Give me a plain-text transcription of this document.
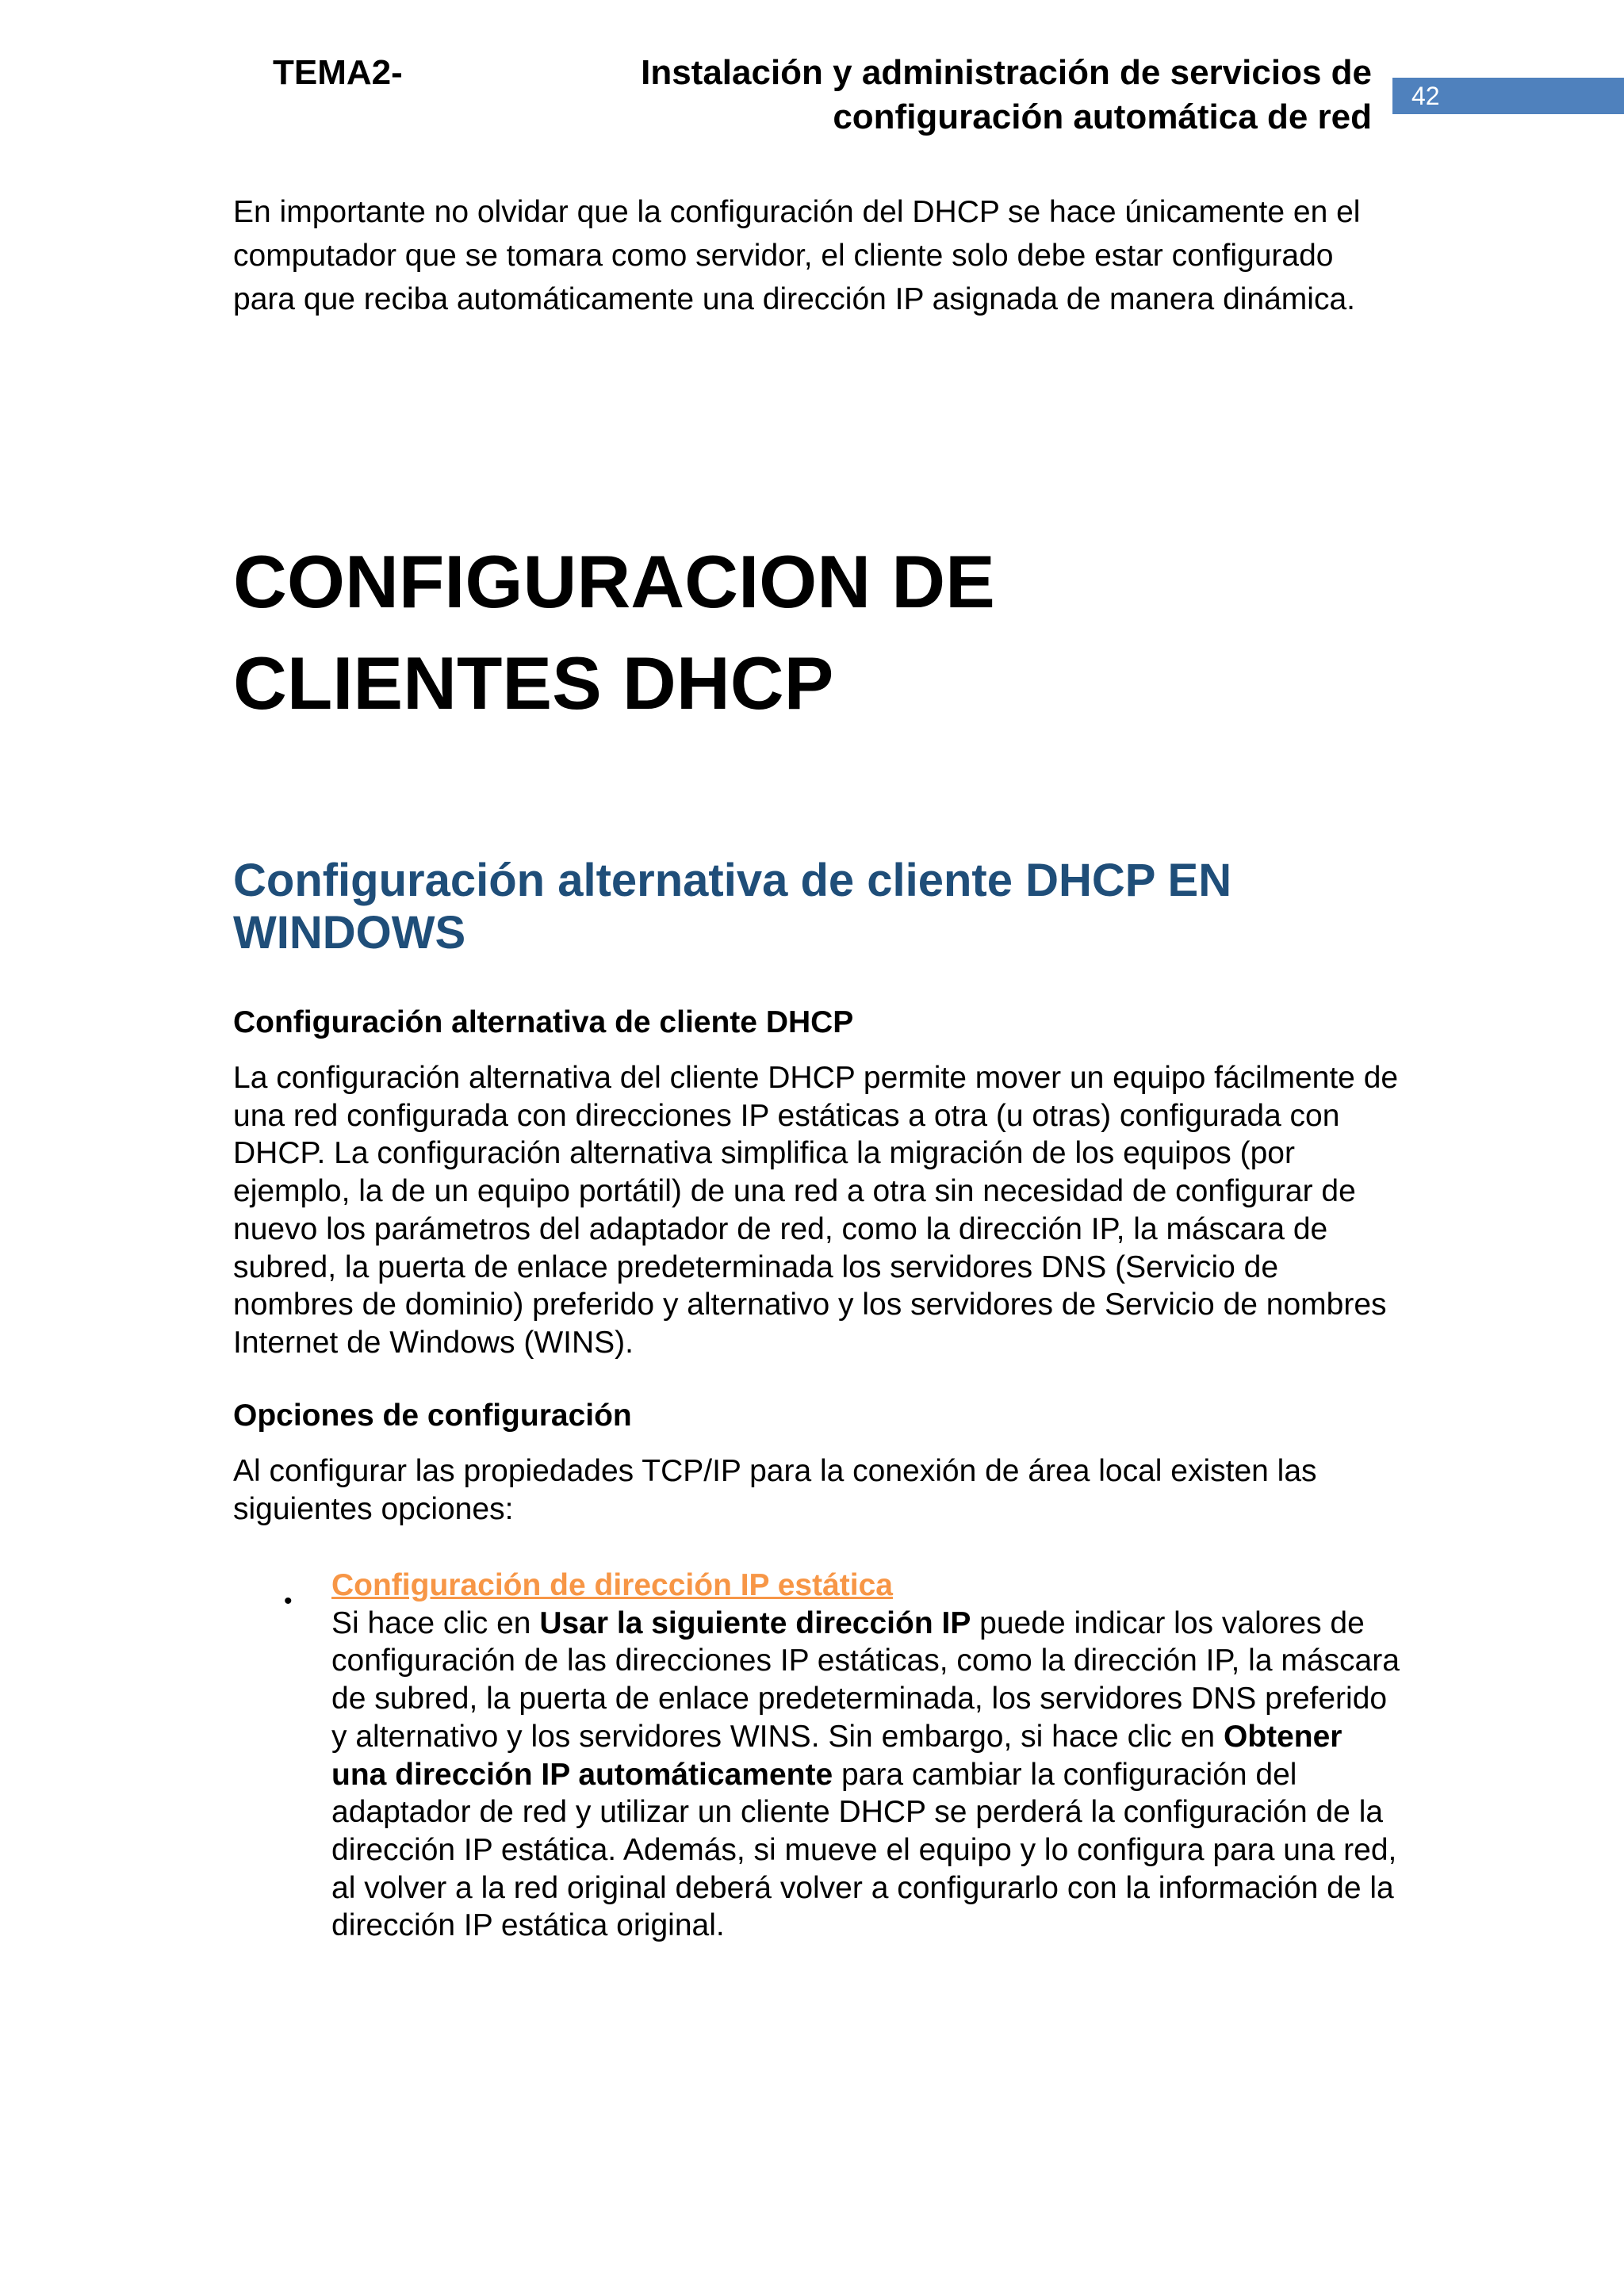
TEMA2-	Instalación y administración de servicios de
configuración automática de red
42
En importante no olvidar que la configuración del DHCP se hace únicamente en el computador que se tomara como servidor, el cliente solo debe estar configurado para que reciba automáticamente una dirección IP asignada de manera dinámica.
CONFIGURACION DE
CLIENTES DHCP
Configuración alternativa de cliente DHCP EN WINDOWS
Configuración alternativa de cliente DHCP
La configuración alternativa del cliente DHCP permite mover un equipo fácilmente de una red configurada con direcciones IP estáticas a otra (u otras) configurada con DHCP. La configuración alternativa simplifica la migración de los equipos (por ejemplo, la de un equipo portátil) de una red a otra sin necesidad de configurar de nuevo los parámetros del adaptador de red, como la dirección IP, la máscara de subred, la puerta de enlace predeterminada los servidores DNS (Servicio de nombres de dominio) preferido y alternativo y los servidores de Servicio de nombres Internet de Windows (WINS).
Opciones de configuración
Al configurar las propiedades TCP/IP para la conexión de área local existen las siguientes opciones:
• Configuración de dirección IP estática
Si hace clic en Usar la siguiente dirección IP puede indicar los valores de configuración de las direcciones IP estáticas, como la dirección IP, la máscara de subred, la puerta de enlace predeterminada, los servidores DNS preferido y alternativo y los servidores WINS. Sin embargo, si hace clic en Obtener una dirección IP automáticamente para cambiar la configuración del adaptador de red y utilizar un cliente DHCP se perderá la configuración de la dirección IP estática. Además, si mueve el equipo y lo configura para una red, al volver a la red original deberá volver a configurarlo con la información de la dirección IP estática original.
